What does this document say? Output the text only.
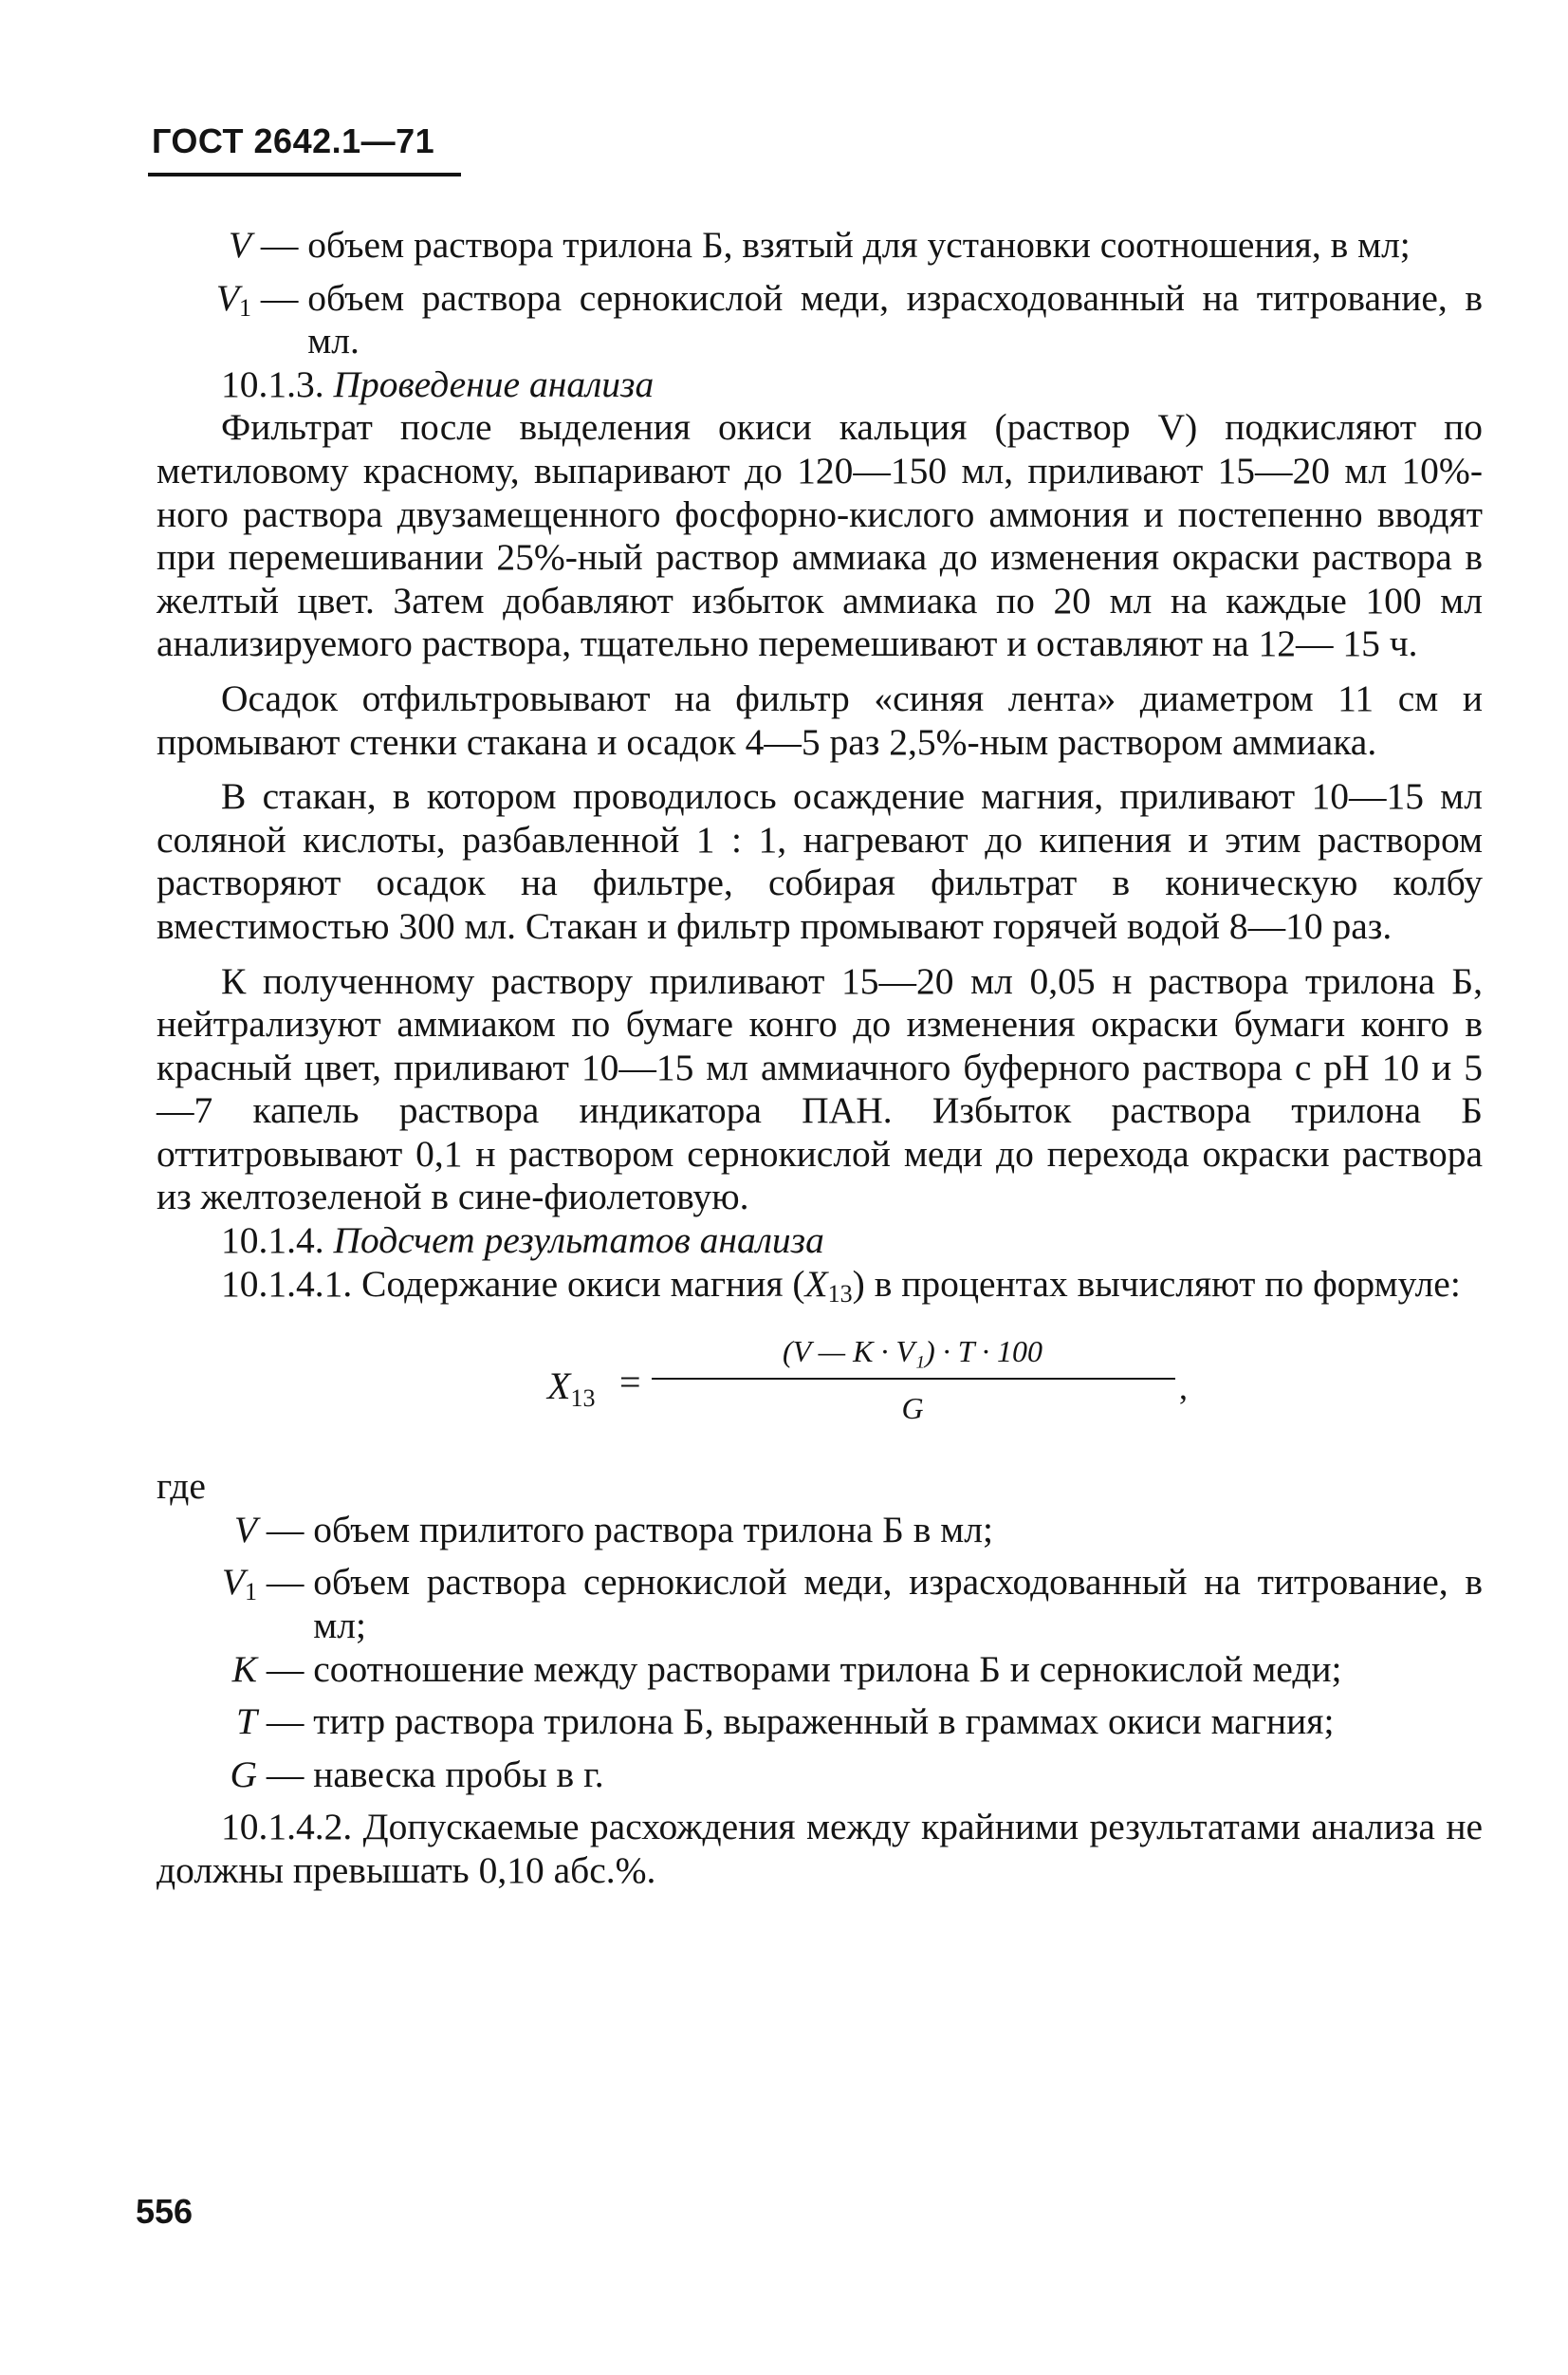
ГОСТ 2642.1—71
V — объем раствора трилона Б, взятый для установки соотношения, в мл;
$V_1$ — объем раствора сернокислой меди, израсходованный на титрование, в мл.

10.1.3. Проведение анализа

Фильтрат после выделения окиси кальция (раствор V) подкисляют по метиловому красному, выпаривают до 120—150 мл, приливают 15—20 мл 10%-ного раствора двузамещенного фосфорно-кислого аммония и постепенно вводят при перемешивании 25%-ный раствор аммиака до изменения окраски раствора в желтый цвет. Затем добавляют избыток аммиака по 20 мл на каждые 100 мл анализируемого раствора, тщательно перемешивают и оставляют на 12— 15 ч.

Осадок отфильтровывают на фильтр «синяя лента» диаметром 11 см и промывают стенки стакана и осадок 4—5 раз 2,5%-ным раствором аммиака.

В стакан, в котором проводилось осаждение магния, приливают 10—15 мл соляной кислоты, разбавленной 1 : 1, нагревают до кипения и этим раствором растворяют осадок на фильтре, собирая фильтрат в коническую колбу вместимостью 300 мл. Стакан и фильтр промывают горячей водой 8—10 раз.

К полученному раствору приливают 15—20 мл 0,05 н раствора трилона Б, нейтрализуют аммиаком по бумаге конго до изменения окраски бумаги конго в красный цвет, приливают 10—15 мл аммиачного буферного раствора с pH 10 и 5—7 капель раствора индикатора ПАН. Избыток раствора трилона Б оттитровывают 0,1 н раствором сернокислой меди до перехода окраски раствора из желтозеленой в сине-фиолетовую.

10.1.4. Подсчет результатов анализа

10.1.4.1. Содержание окиси магния (X13) в процентах вычисляют по формуле:

$X_{13}$ =
(V — K · V₁) · T · 100
G
,

где

V — объем прилитого раствора трилона Б в мл;
$V_1$ — объем раствора сернокислой меди, израсходованный на титрование, в мл;
K — соотношение между растворами трилона Б и сернокислой меди;
T — титр раствора трилона Б, выраженный в граммах окиси магния;
G — навеска пробы в г.

10.1.4.2. Допускаемые расхождения между крайними результатами анализа не должны превышать 0,10 абс.%.

556
